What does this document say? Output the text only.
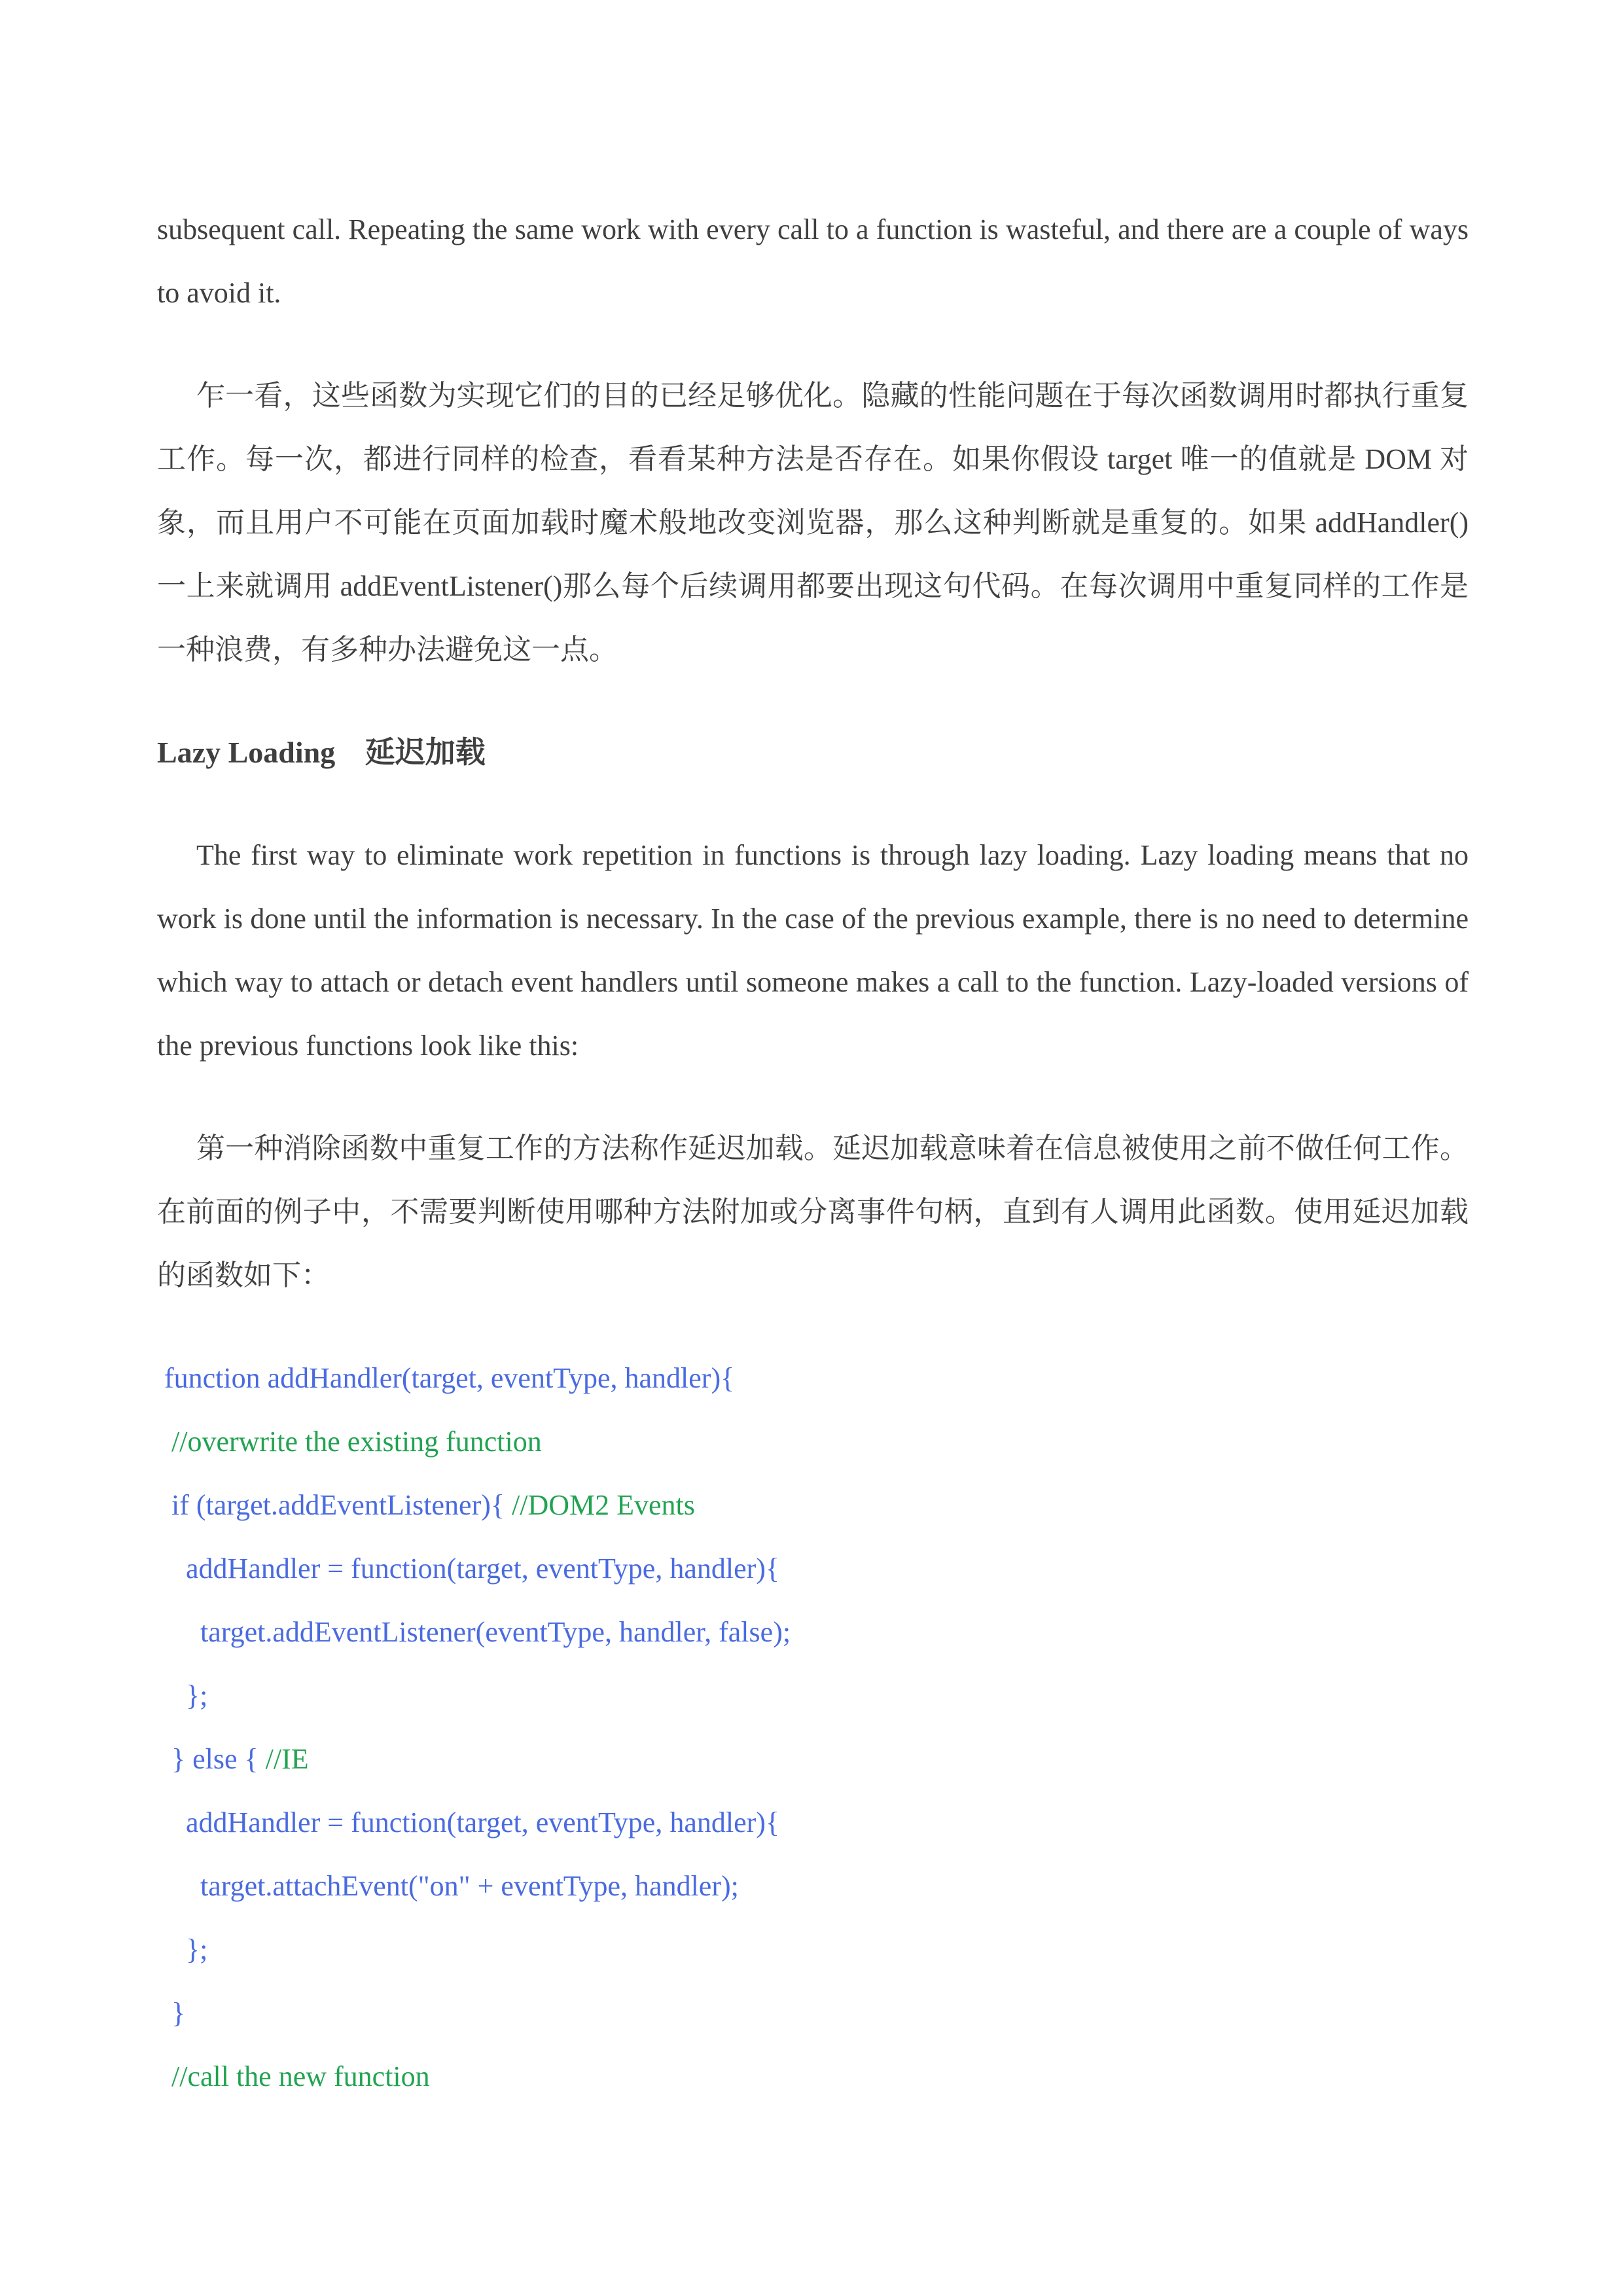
subsequent call. Repeating the same work with every call to a function is wasteful, and there are a couple of ways to avoid it.

乍一看，这些函数为实现它们的目的已经足够优化。隐藏的性能问题在于每次函数调用时都执行重复工作。每一次，都进行同样的检查，看看某种方法是否存在。如果你假设 target 唯一的值就是 DOM 对象，而且用户不可能在页面加载时魔术般地改变浏览器，那么这种判断就是重复的。如果 addHandler()一上来就调用 addEventListener()那么每个后续调用都要出现这句代码。在每次调用中重复同样的工作是一种浪费，有多种办法避免这一点。

Lazy Loading 延迟加载

The first way to eliminate work repetition in functions is through lazy loading. Lazy loading means that no work is done until the information is necessary. In the case of the previous example, there is no need to determine which way to attach or detach event handlers until someone makes a call to the function. Lazy-loaded versions of the previous functions look like this:

第一种消除函数中重复工作的方法称作延迟加载。延迟加载意味着在信息被使用之前不做任何工作。在前面的例子中，不需要判断使用哪种方法附加或分离事件句柄，直到有人调用此函数。使用延迟加载的函数如下：

function addHandler(target, eventType, handler){
//overwrite the existing function
if (target.addEventListener){ //DOM2 Events
addHandler = function(target, eventType, handler){
target.addEventListener(eventType, handler, false);
};
} else { //IE
addHandler = function(target, eventType, handler){
target.attachEvent("on" + eventType, handler);
};
}
//call the new function
